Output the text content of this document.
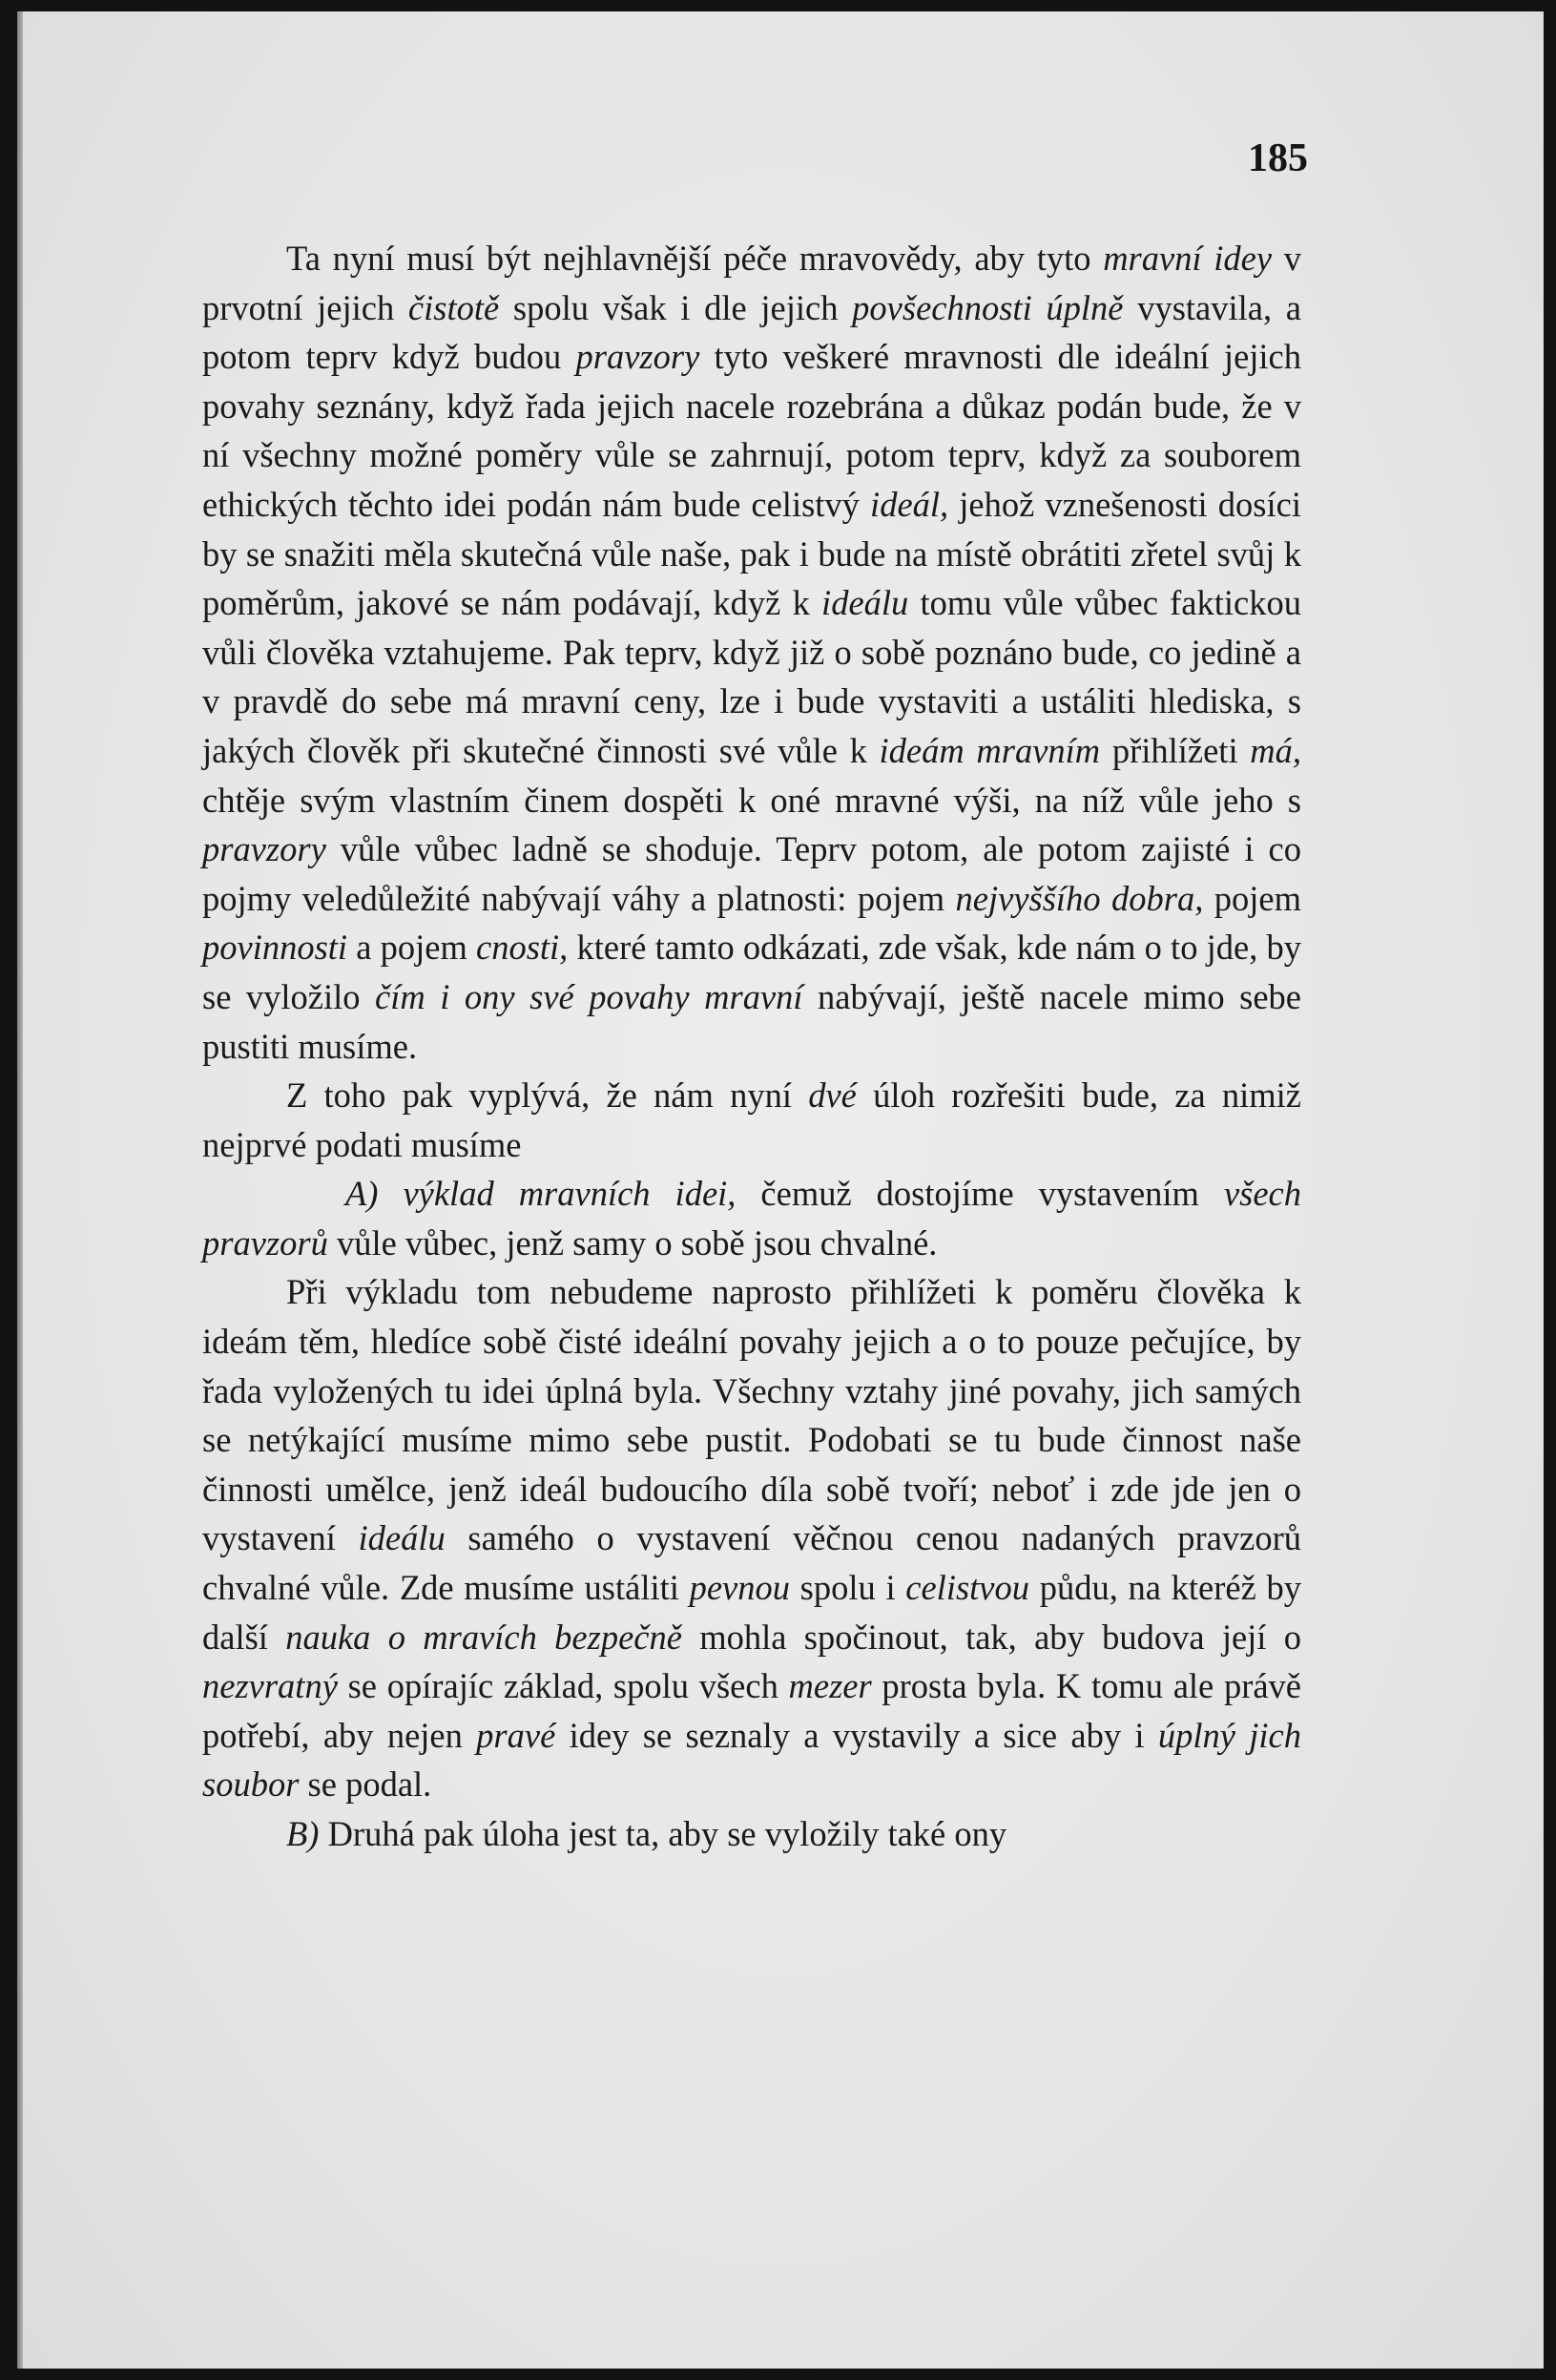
185

Ta nyní musí být nejhlavnější péče mravovědy, aby tyto mravní idey v prvotní jejich čistotě spolu však i dle jejich povšechnosti úplně vystavila, a potom teprv když budou pravzory tyto veškeré mravnosti dle ideální jejich povahy seznány, když řada jejich nacele rozebrána a důkaz podán bude, že v ní všechny možné poměry vůle se zahrnují, potom teprv, když za souborem ethických těchto idei podán nám bude celistvý ideál, jehož vznešenosti dosíci by se snažiti měla skutečná vůle naše, pak i bude na místě obrátiti zřetel svůj k poměrům, jakové se nám podávají, když k ideálu tomu vůle vůbec faktickou vůli člověka vztahujeme. Pak teprv, když již o sobě poznáno bude, co jedině a v pravdě do sebe má mravní ceny, lze i bude vystaviti a ustáliti hlediska, s jakých člověk při skutečné činnosti své vůle k ideám mravním přihlížeti má, chtěje svým vlastním činem dospěti k oné mravné výši, na níž vůle jeho s pravzory vůle vůbec ladně se shoduje. Teprv potom, ale potom zajisté i co pojmy veledůležité nabývají váhy a platnosti: pojem nejvyššího dobra, pojem povinnosti a pojem cnosti, které tamto odkázati, zde však, kde nám o to jde, by se vyložilo čím i ony své povahy mravní nabývají, ještě nacele mimo sebe pustiti musíme.

Z toho pak vyplývá, že nám nyní dvé úloh rozřešiti bude, za nimiž nejprvé podati musíme

A) výklad mravních idei, čemuž dostojíme vystavením všech pravzorů vůle vůbec, jenž samy o sobě jsou chvalné.

Při výkladu tom nebudeme naprosto přihlížeti k poměru člověka k ideám těm, hledíce sobě čisté ideální povahy jejich a o to pouze pečujíce, by řada vyložených tu idei úplná byla. Všechny vztahy jiné povahy, jich samých se netýkající musíme mimo sebe pustit. Podobati se tu bude činnost naše činnosti umělce, jenž ideál budoucího díla sobě tvoří; neboť i zde jde jen o vystavení ideálu samého o vystavení věčnou cenou nadaných pravzorů chvalné vůle. Zde musíme ustáliti pevnou spolu i celistvou půdu, na kteréž by další nauka o mravích bezpečně mohla spočinout, tak, aby budova její o nezvratný se opírajíc základ, spolu všech mezer prosta byla. K tomu ale právě potřebí, aby nejen pravé idey se seznaly a vystavily a sice aby i úplný jich soubor se podal.

B) Druhá pak úloha jest ta, aby se vyložily také ony
